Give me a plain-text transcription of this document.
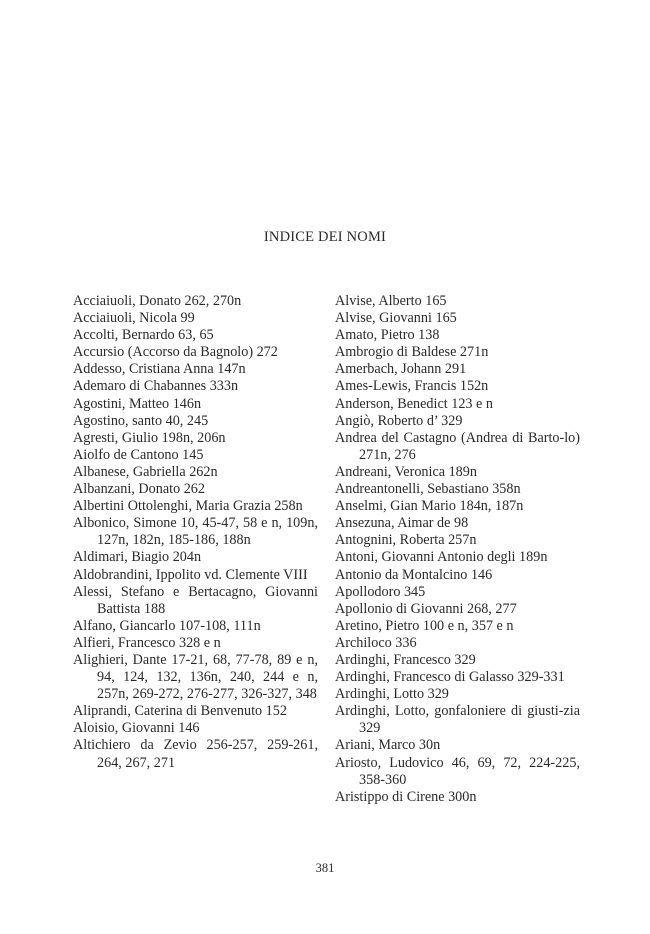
INDICE DEI NOMI
Acciaiuoli, Donato 262, 270n
Acciaiuoli, Nicola 99
Accolti, Bernardo 63, 65
Accursio (Accorso da Bagnolo) 272
Addesso, Cristiana Anna 147n
Ademaro di Chabannes 333n
Agostini, Matteo 146n
Agostino, santo 40, 245
Agresti, Giulio 198n, 206n
Aiolfo de Cantono 145
Albanese, Gabriella 262n
Albanzani, Donato 262
Albertini Ottolenghi, Maria Grazia 258n
Albonico, Simone 10, 45-47, 58 e n, 109n, 127n, 182n, 185-186, 188n
Aldimari, Biagio 204n
Aldobrandini, Ippolito vd. Clemente VIII
Alessi, Stefano e Bertacagno, Giovanni Battista 188
Alfano, Giancarlo 107-108, 111n
Alfieri, Francesco 328 e n
Alighieri, Dante 17-21, 68, 77-78, 89 e n, 94, 124, 132, 136n, 240, 244 e n, 257n, 269-272, 276-277, 326-327, 348
Aliprandi, Caterina di Benvenuto 152
Aloisio, Giovanni 146
Altichiero da Zevio 256-257, 259-261, 264, 267, 271
Alvise, Alberto 165
Alvise, Giovanni 165
Amato, Pietro 138
Ambrogio di Baldese 271n
Amerbach, Johann 291
Ames-Lewis, Francis 152n
Anderson, Benedict 123 e n
Angiò, Roberto d’ 329
Andrea del Castagno (Andrea di Barto-lo) 271n, 276
Andreani, Veronica 189n
Andreantonelli, Sebastiano 358n
Anselmi, Gian Mario 184n, 187n
Ansezuna, Aimar de 98
Antognini, Roberta 257n
Antoni, Giovanni Antonio degli 189n
Antonio da Montalcino 146
Apollodoro 345
Apollonio di Giovanni 268, 277
Aretino, Pietro 100 e n, 357 e n
Archiloco 336
Ardinghi, Francesco 329
Ardinghi, Francesco di Galasso 329-331
Ardinghi, Lotto 329
Ardinghi, Lotto, gonfaloniere di giusti-zia 329
Ariani, Marco 30n
Ariosto, Ludovico 46, 69, 72, 224-225, 358-360
Aristippo di Cirene 300n
381
